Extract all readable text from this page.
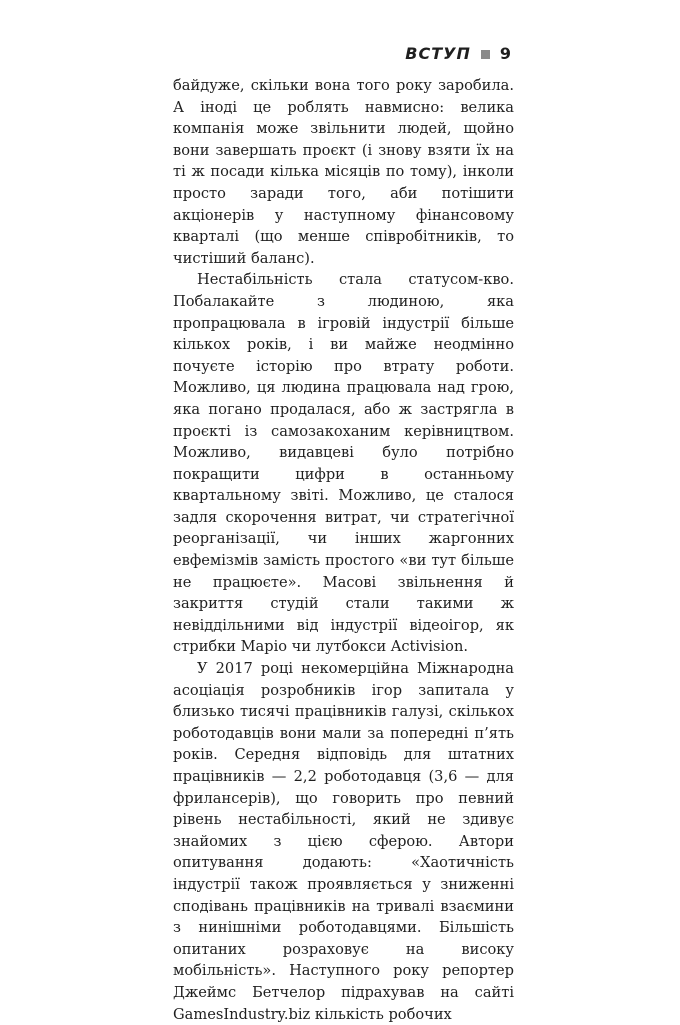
ВСТУП 9

байдуже, скільки вона того року заробила. А іноді це роблять навмисно: велика компанія може звільнити людей, щойно вони завершать проєкт (і знову взяти їх на ті ж посади кілька місяців по тому), інколи просто заради того, аби потішити акціонерів у наступному фінансовому кварталі (що менше співробітників, то чистіший баланс).

Нестабільність стала статусом-кво. Побалакайте з людиною, яка пропрацювала в ігровій індустрії більше кількох років, і ви майже неодмінно почуєте історію про втрату роботи. Можливо, ця людина працювала над грою, яка погано продалася, або ж застрягла в проєкті із самозакоханим керівництвом. Можливо, видавцеві було потрібно покращити цифри в останньому квартальному звіті. Можливо, це сталося задля скорочення витрат, чи стратегічної реорганізації, чи інших жаргонних евфемізмів замість простого «ви тут більше не працюєте». Масові звільнення й закриття студій стали такими ж невіддільними від індустрії відеоігор, як стрибки Маріо чи лутбокси Activision.

У 2017 році некомерційна Міжнародна асоціація розробників ігор запитала у близько тисячі працівників галузі, скількох роботодавців вони мали за попередні п’ять років. Середня відповідь для штатних працівників — 2,2 роботодавця (3,6 — для фрилансерів), що говорить про певний рівень нестабільності, який не здивує знайомих з цією сферою. Автори опитування додають: «Хаотичність індустрії також проявляється у зниженні сподівань працівників на тривалі взаємини з нинішніми роботодавцями. Більшість опитаних розраховує на високу мобільність». Наступного року репортер Джеймс Бетчелор підрахував на сайті GamesIndustry.biz кількість робочих
